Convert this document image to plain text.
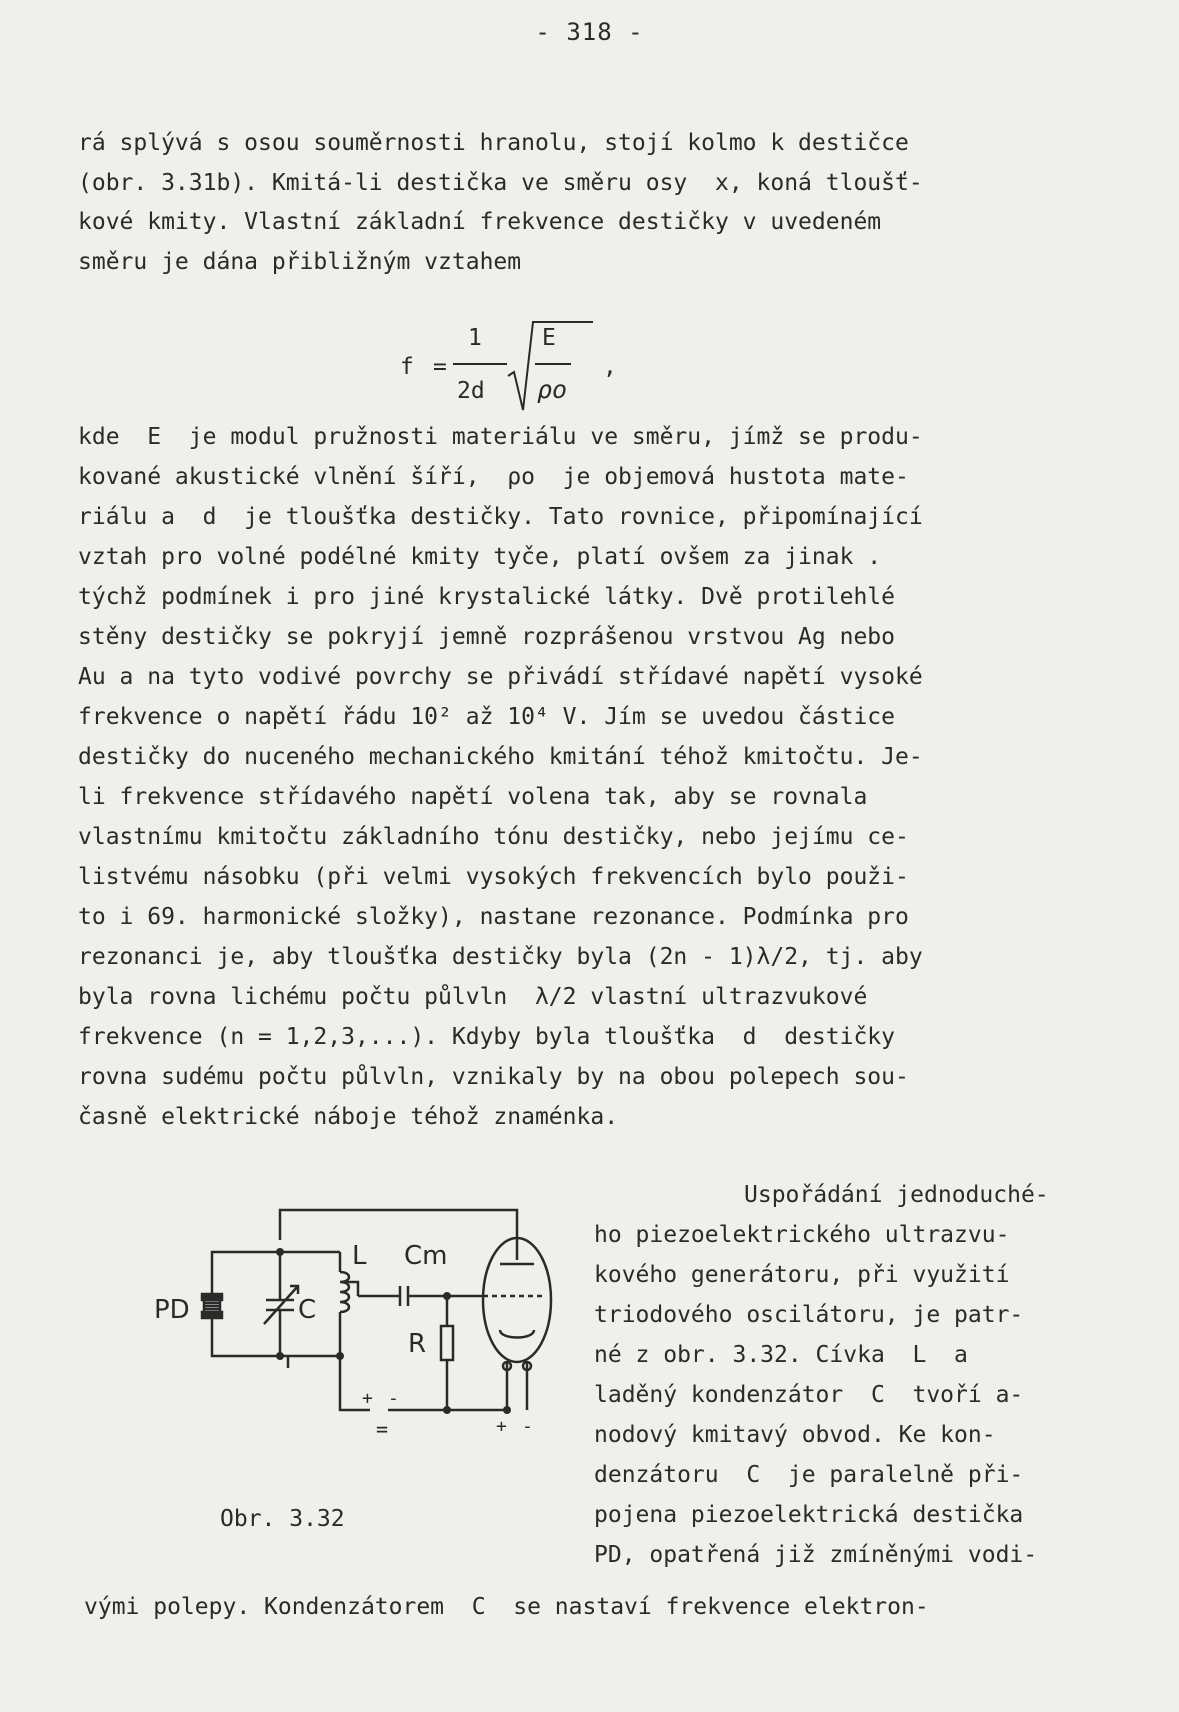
- 318 -
rá splývá s osou souměrnosti hranolu, stojí kolmo k destičce
(obr. 3.31b). Kmitá-li destička ve směru osy  x, koná tloušť-
kové kmity. Vlastní základní frekvence destičky v uvedeném
směru je dána přibližným vztahem
f =
1
2d
E
ρo
,
kde  E  je modul pružnosti materiálu ve směru, jímž se produ-
kované akustické vlnění šíří,  ρo  je objemová hustota mate-
riálu a  d  je tloušťka destičky. Tato rovnice, připomínající
vztah pro volné podélné kmity tyče, platí ovšem za jinak .
týchž podmínek i pro jiné krystalické látky. Dvě protilehlé
stěny destičky se pokryjí jemně rozprášenou vrstvou Ag nebo
Au a na tyto vodivé povrchy se přivádí střídavé napětí vysoké
frekvence o napětí řádu 10² až 10⁴ V. Jím se uvedou částice
destičky do nuceného mechanického kmitání téhož kmitočtu. Je-
li frekvence střídavého napětí volena tak, aby se rovnala
vlastnímu kmitočtu základního tónu destičky, nebo jejímu ce-
listvému násobku (při velmi vysokých frekvencích bylo použi-
to i 69. harmonické složky), nastane rezonance. Podmínka pro
rezonanci je, aby tloušťka destičky byla (2n - 1)λ/2, tj. aby
byla rovna lichému počtu půlvln  λ/2 vlastní ultrazvukové
frekvence (n = 1,2,3,...). Kdyby byla tloušťka  d  destičky
rovna sudému počtu půlvln, vznikaly by na obou polepech sou-
časně elektrické náboje téhož znaménka.
Uspořádání jednoduché-
ho piezoelektrického ultrazvu-
kového generátoru, při využití
triodového oscilátoru, je patr-
né z obr. 3.32. Cívka  L  a
laděný kondenzátor  C  tvoří a-
nodový kmitavý obvod. Ke kon-
denzátoru  C  je paralelně při-
pojena piezoelektrická destička
PD, opatřená již zmíněnými vodi-
vými polepy. Kondenzátorem  C  se nastaví frekvence elektron-
PD	C
L Cm
R
+ -
=	+ -
Obr. 3.32
